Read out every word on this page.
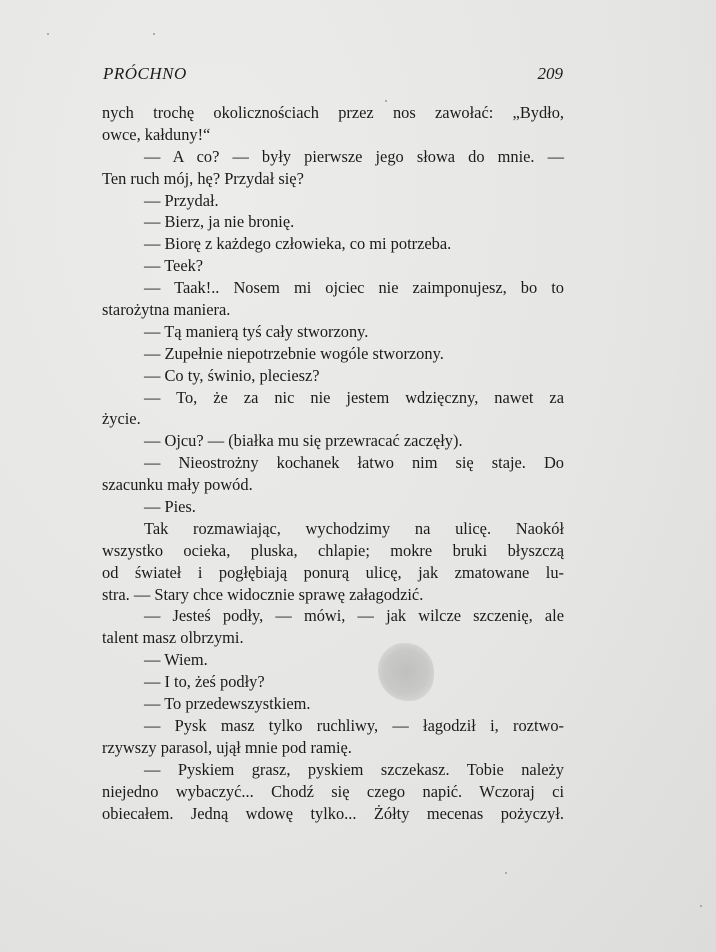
PRÓCHNO	209
nych trochę okolicznościach przez nos zawołać: „Bydło,
owce, kałduny!“
— A co? — były pierwsze jego słowa do mnie. —
Ten ruch mój, hę? Przydał się?
— Przydał.
— Bierz, ja nie bronię.
— Biorę z każdego człowieka, co mi potrzeba.
— Teek?
— Taak!.. Nosem mi ojciec nie zaimponujesz, bo to
starożytna maniera.
— Tą manierą tyś cały stworzony.
— Zupełnie niepotrzebnie wogóle stworzony.
— Co ty, świnio, pleciesz?
— To, że za nic nie jestem wdzięczny, nawet za
życie.
— Ojcu? — (białka mu się przewracać zaczęły).
— Nieostrożny kochanek łatwo nim się staje. Do
szacunku mały powód.
— Pies.
Tak rozmawiając, wychodzimy na ulicę. Naokół
wszystko ocieka, pluska, chlapie; mokre bruki błyszczą
od świateł i pogłębiają ponurą ulicę, jak zmatowane lu-
stra. — Stary chce widocznie sprawę załagodzić.
— Jesteś podły, — mówi, — jak wilcze szczenię, ale
talent masz olbrzymi.
— Wiem.
— I to, żeś podły?
— To przedewszystkiem.
— Pysk masz tylko ruchliwy, — łagodził i, roztwo-
rzywszy parasol, ujął mnie pod ramię.
— Pyskiem grasz, pyskiem szczekasz. Tobie należy
niejedno wybaczyć... Chodź się czego napić. Wczoraj ci
obiecałem. Jedną wdowę tylko... Żółty mecenas pożyczył.
